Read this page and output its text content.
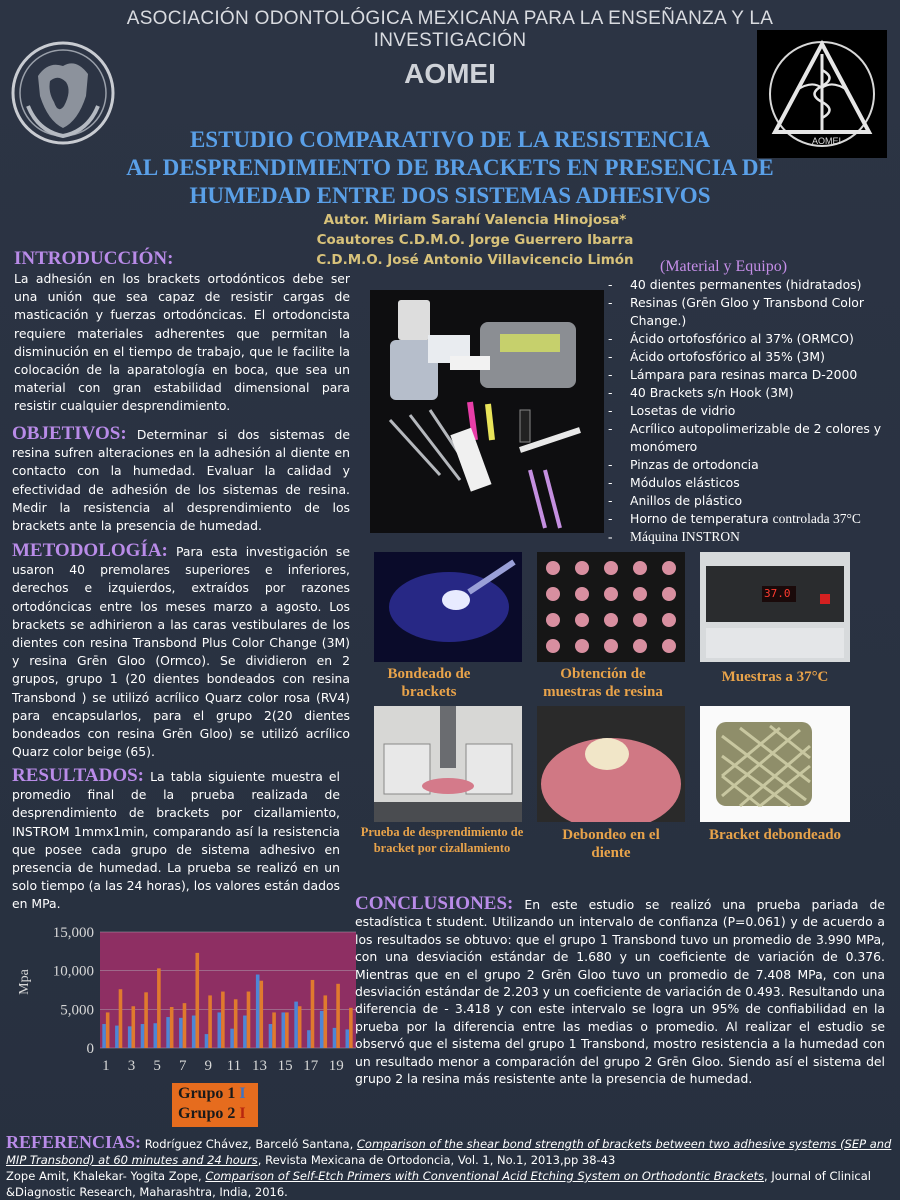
AOMEI
ASOCIACIÓN ODONTOLÓGICA MEXICANA PARA LA ENSEÑANZA Y LA INVESTIGACIÓN
AOMEI
ESTUDIO COMPARATIVO DE LA RESISTENCIA
AL DESPRENDIMIENTO DE BRACKETS EN PRESENCIA DE
HUMEDAD ENTRE DOS SISTEMAS ADHESIVOS
Autor. Miriam Sarahí Valencia Hinojosa*
Coautores C.D.M.O. Jorge Guerrero Ibarra
C.D.M.O. José Antonio Villavicencio Limón
INTRODUCCIÓN:
La adhesión en los brackets ortodónticos debe ser una unión que sea capaz de resistir cargas de masticación y fuerzas ortodóncicas. El ortodoncista requiere materiales adherentes que permitan la disminución en el tiempo de trabajo, que le facilite la colocación de la aparatología en boca, que sea un material con gran estabilidad dimensional para resistir cualquier desprendimiento.
OBJETIVOS: Determinar si dos sistemas de resina sufren alteraciones en la adhesión al diente en contacto con la humedad. Evaluar la calidad y efectividad de adhesión de los sistemas de resina. Medir la resistencia al desprendimiento de los brackets ante la presencia de humedad.
METODOLOGÍA: Para esta investigación se usaron 40 premolares superiores e inferiores, derechos e izquierdos, extraídos por razones ortodóncicas entre los meses marzo a agosto. Los brackets se adhirieron a las caras vestibulares de los dientes con resina Transbond Plus Color Change (3M) y resina Grēn Gloo (Ormco). Se dividieron en 2 grupos, grupo 1 (20 dientes bondeados con resina Transbond ) se utilizó acrílico Quarz color rosa (RV4) para encapsularlos, para el grupo 2(20 dientes bondeados con resina Grēn Gloo) se utilizó acrílico Quarz color beige (65).
RESULTADOS: La tabla siguiente muestra el promedio final de la prueba realizada de desprendimiento de brackets por cizallamiento, INSTROM 1mmx1min, comparando así la resistencia que posee cada grupo de sistema adhesivo en presencia de humedad. La prueba se realizó en un solo tiempo (a las 24 horas), los valores están dados en MPa.
Mpa
0
5,000
10,000
15,000
1 3 5 7 9 11 13 15 17 19
Grupo 1 I
Grupo 2 I
(Material y Equipo)
- 40 dientes permanentes (hidratados)
- Resinas (Grēn Gloo y Transbond Color Change.)
- Ácido ortofosfórico al 37% (ORMCO)
- Ácido ortofosfórico al 35% (3M)
- Lámpara para resinas marca D-2000
- 40 Brackets s/n Hook (3M)
- Losetas de vidrio
- Acrílico autopolimerizable de 2 colores y monómero
- Pinzas de ortodoncia
- Módulos elásticos
- Anillos de plástico
- Horno de temperatura controlada 37°C
- Máquina INSTRON
37.0
Bondeado de brackets
Obtención de muestras de resina
Muestras a 37°C
Prueba de desprendimiento de bracket por cizallamiento
Debondeo en el diente
Bracket debondeado
CONCLUSIONES: En este estudio se realizó una prueba pariada de estadística t student. Utilizando un intervalo de confianza (P=0.061) y de acuerdo a los resultados se obtuvo: que el grupo 1 Transbond tuvo un promedio de 3.990 MPa, con una desviación estándar de 1.680 y un coeficiente de variación de 0.376. Mientras que en el grupo 2 Grēn Gloo tuvo un promedio de 7.408 MPa, con una desviación estándar de 2.203 y un coeficiente de variación de 0.493. Resultando una diferencia de - 3.418 y con este intervalo se logra un 95% de confiabilidad en la prueba por la diferencia entre las medias o promedio. Al realizar el estudio se observó que el sistema del grupo 1 Transbond, mostro resistencia a la humedad con un resultado menor a comparación del grupo 2 Grēn Gloo. Siendo así el sistema del grupo 2 la resina más resistente ante la presencia de humedad.
REFERENCIAS: Rodríguez Chávez, Barceló Santana, Comparison of the shear bond strength of brackets between two adhesive systems (SEP and MIP Transbond) at 60 minutes and 24 hours, Revista Mexicana de Ortodoncia, Vol. 1, No.1, 2013,pp 38-43
Zope Amit, Khalekar- Yogita Zope, Comparison of Self-Etch Primers with Conventional Acid Etching System on Orthodontic Brackets, Journal of Clinical &Diagnostic Research, Maharashtra, India, 2016.
